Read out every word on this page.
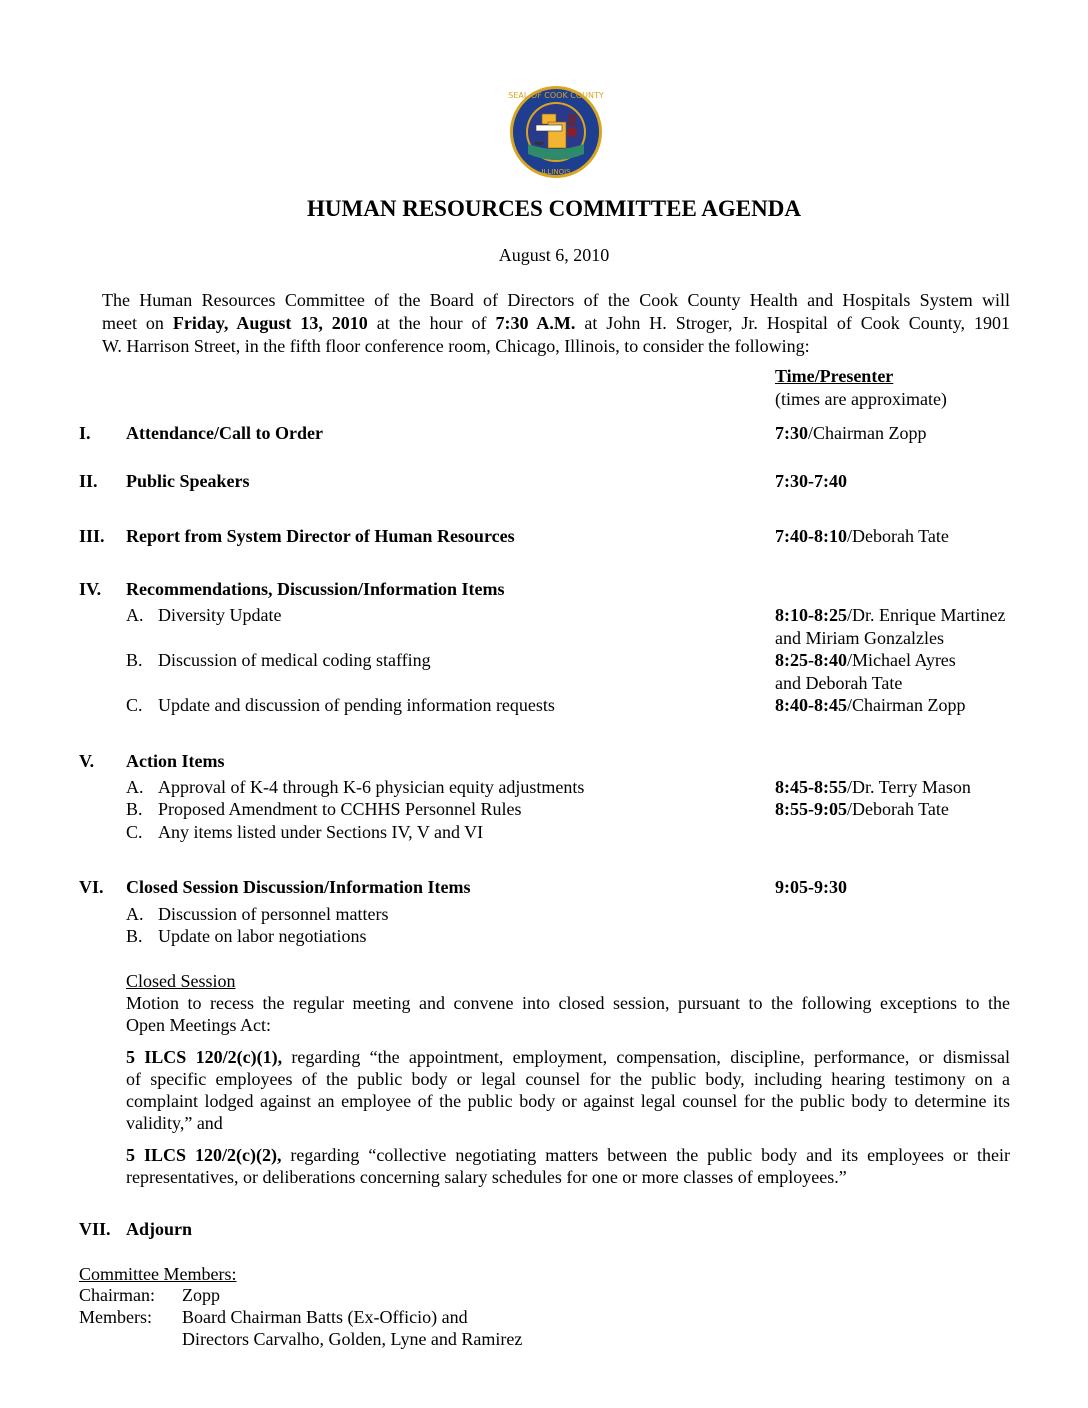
SEAL OF COOK COUNTY
ILLINOIS
HUMAN RESOURCES COMMITTEE AGENDA
August 6, 2010
The Human Resources Committee of the Board of Directors of the Cook County Health and Hospitals System will
meet on Friday, August 13, 2010 at the hour of 7:30 A.M. at John H. Stroger, Jr. Hospital of Cook County, 1901
W. Harrison Street, in the fifth floor conference room, Chicago, Illinois, to consider the following:
Time/Presenter
(times are approximate)
I. Attendance/Call to Order	7:30/Chairman Zopp
II. Public Speakers	7:30-7:40
III. Report from System Director of Human Resources	7:40-8:10/Deborah Tate
IV. Recommendations, Discussion/Information Items
A. Diversity Update	8:10-8:25/Dr. Enrique Martinez
and Miriam Gonzalzles
B. Discussion of medical coding staffing	8:25-8:40/Michael Ayres
and Deborah Tate
C. Update and discussion of pending information requests	8:40-8:45/Chairman Zopp
V. Action Items
A. Approval of K-4 through K-6 physician equity adjustments	8:45-8:55/Dr. Terry Mason
B. Proposed Amendment to CCHHS Personnel Rules	8:55-9:05/Deborah Tate
C. Any items listed under Sections IV, V and VI
VI. Closed Session Discussion/Information Items	9:05-9:30
A. Discussion of personnel matters
B. Update on labor negotiations
Closed Session
Motion to recess the regular meeting and convene into closed session, pursuant to the following exceptions to the
Open Meetings Act:
5 ILCS 120/2(c)(1), regarding “the appointment, employment, compensation, discipline, performance, or dismissal
of specific employees of the public body or legal counsel for the public body, including hearing testimony on a
complaint lodged against an employee of the public body or against legal counsel for the public body to determine its
validity,” and
5 ILCS 120/2(c)(2), regarding “collective negotiating matters between the public body and its employees or their
representatives, or deliberations concerning salary schedules for one or more classes of employees.”
VII. Adjourn
Committee Members:
Chairman: Zopp
Members: Board Chairman Batts (Ex-Officio) and
Directors Carvalho, Golden, Lyne and Ramirez
